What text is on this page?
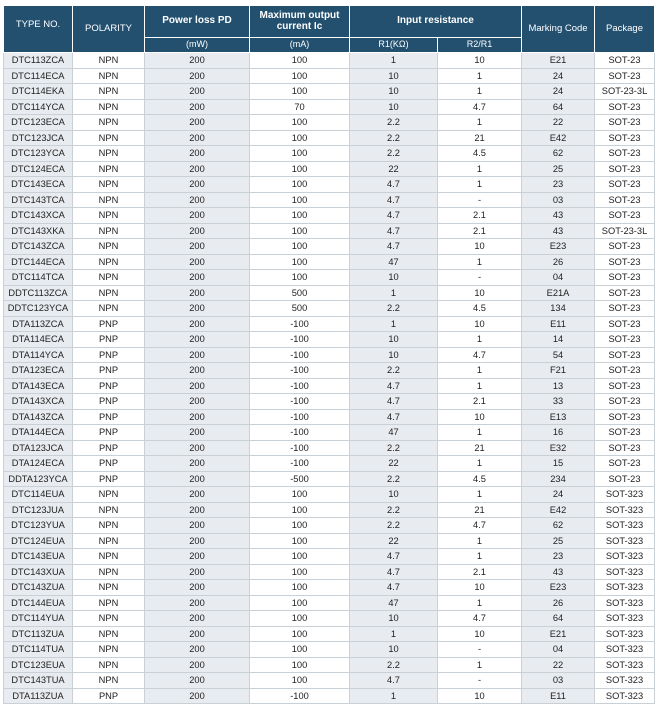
TYPE NO.	POLARITY	Power loss PD	Maximum output current Ic	Input resistance		Marking Code	Package
		(mW)	(mA)	R1(KΩ)	R2/R1		
DTC113ZCA	NPN	200	100	1	10	E21	SOT-23
DTC114ECA	NPN	200	100	10	1	24	SOT-23
DTC114EKA	NPN	200	100	10	1	24	SOT-23-3L
DTC114YCA	NPN	200	70	10	4.7	64	SOT-23
DTC123ECA	NPN	200	100	2.2	1	22	SOT-23
DTC123JCA	NPN	200	100	2.2	21	E42	SOT-23
DTC123YCA	NPN	200	100	2.2	4.5	62	SOT-23
DTC124ECA	NPN	200	100	22	1	25	SOT-23
DTC143ECA	NPN	200	100	4.7	1	23	SOT-23
DTC143TCA	NPN	200	100	4.7	-	03	SOT-23
DTC143XCA	NPN	200	100	4.7	2.1	43	SOT-23
DTC143XKA	NPN	200	100	4.7	2.1	43	SOT-23-3L
DTC143ZCA	NPN	200	100	4.7	10	E23	SOT-23
DTC144ECA	NPN	200	100	47	1	26	SOT-23
DTC114TCA	NPN	200	100	10	-	04	SOT-23
DDTC113ZCA	NPN	200	500	1	10	E21A	SOT-23
DDTC123YCA	NPN	200	500	2.2	4.5	134	SOT-23
DTA113ZCA	PNP	200	-100	1	10	E11	SOT-23
DTA114ECA	PNP	200	-100	10	1	14	SOT-23
DTA114YCA	PNP	200	-100	10	4.7	54	SOT-23
DTA123ECA	PNP	200	-100	2.2	1	F21	SOT-23
DTA143ECA	PNP	200	-100	4.7	1	13	SOT-23
DTA143XCA	PNP	200	-100	4.7	2.1	33	SOT-23
DTA143ZCA	PNP	200	-100	4.7	10	E13	SOT-23
DTA144ECA	PNP	200	-100	47	1	16	SOT-23
DTA123JCA	PNP	200	-100	2.2	21	E32	SOT-23
DTA124ECA	PNP	200	-100	22	1	15	SOT-23
DDTA123YCA	PNP	200	-500	2.2	4.5	234	SOT-23
DTC114EUA	NPN	200	100	10	1	24	SOT-323
DTC123JUA	NPN	200	100	2.2	21	E42	SOT-323
DTC123YUA	NPN	200	100	2.2	4.7	62	SOT-323
DTC124EUA	NPN	200	100	22	1	25	SOT-323
DTC143EUA	NPN	200	100	4.7	1	23	SOT-323
DTC143XUA	NPN	200	100	4.7	2.1	43	SOT-323
DTC143ZUA	NPN	200	100	4.7	10	E23	SOT-323
DTC144EUA	NPN	200	100	47	1	26	SOT-323
DTC114YUA	NPN	200	100	10	4.7	64	SOT-323
DTC113ZUA	NPN	200	100	1	10	E21	SOT-323
DTC114TUA	NPN	200	100	10	-	04	SOT-323
DTC123EUA	NPN	200	100	2.2	1	22	SOT-323
DTC143TUA	NPN	200	100	4.7	-	03	SOT-323
DTA113ZUA	PNP	200	-100	1	10	E11	SOT-323
